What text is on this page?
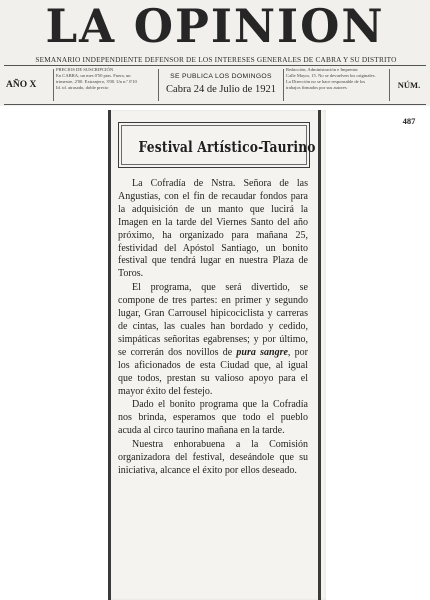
LA OPINION
SEMANARIO INDEPENDIENTE DEFENSOR DE LOS INTERESES GENERALES DE CABRA Y SU DISTRITO
AÑO X
PRECIOS DE SUSCRIPCIÓN
En CABRA, un mes 0'50 ptas. Fuera, un
trimestre, 2'00. Extranjero, 3'00. Un n.º 0'10
Id. id. atrasado, doble precio
SE PUBLICA LOS DOMINGOS
Cabra 24 de Julio de 1921
Redacción, Administración e Imprenta:
Calle Mayor, 15. No se devuelven los originales.
La Dirección no se hace responsable de los
trabajos firmados por sus autores	NÚM. 487
Festival Artístico-Taurino

La Cofradía de Nstra. Señora de las Angustias, con el fin de recaudar fondos para la adquisición de un manto que lucirá la Imagen en la tarde del Viernes Santo del año próximo, ha organizado para mañana 25, festividad del Apóstol Santiago, un bonito festival que tendrá lugar en nuestra Plaza de Toros.

El programa, que será divertido, se compone de tres partes: en primer y segundo lugar, Gran Carrousel hipicociclista y carreras de cintas, las cuales han bordado y cedido, simpáticas señoritas egabrenses; y por último, se correrán dos novillos de pura sangre, por los aficionados de esta Ciudad que, al igual que todos, prestan su valioso apoyo para el mayor éxito del festejo.

Dado el bonito programa que la Cofradía nos brinda, esperamos que todo el pueblo acuda al circo taurino mañana en la tarde.

Nuestra enhorabuena a la Comisión organizadora del festival, deseándole que su iniciativa, alcance el éxito por ellos deseado.
